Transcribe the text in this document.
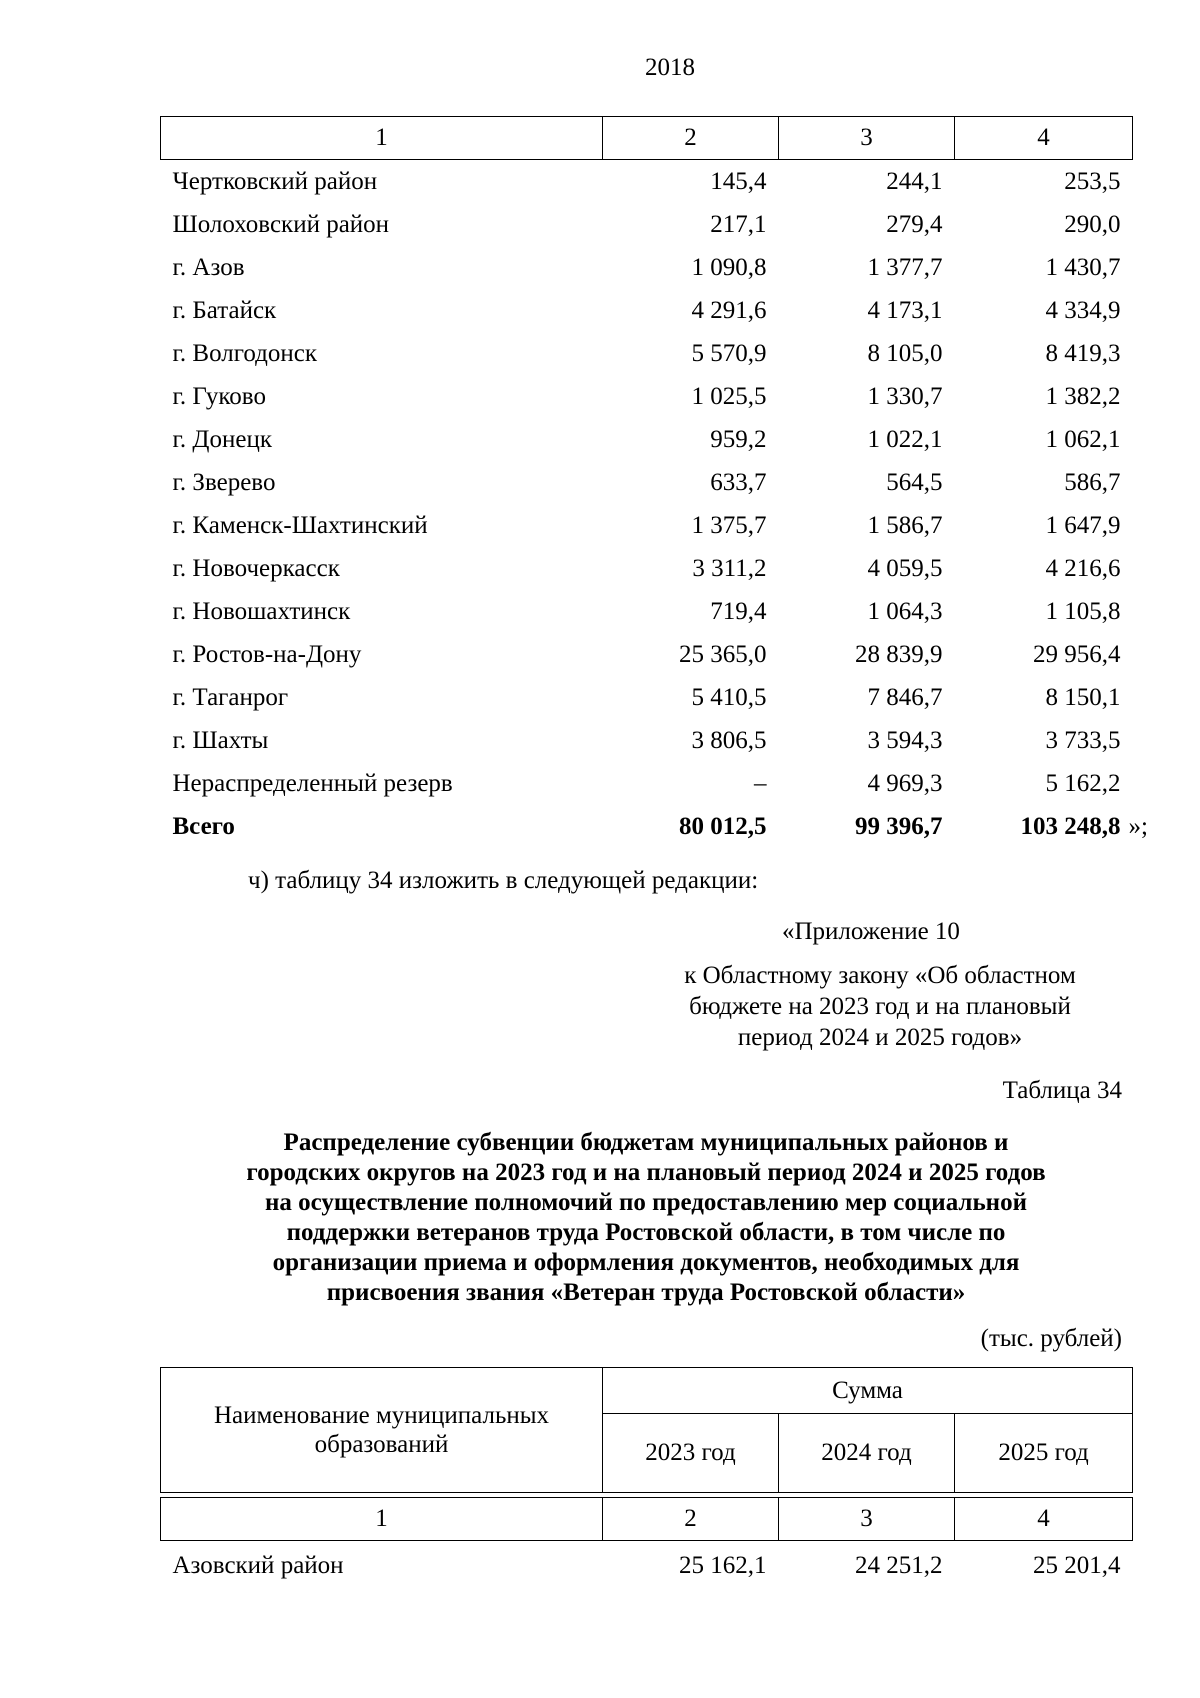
2018
1	2	3	4
Чертковский район	145,4	244,1	253,5
Шолоховский район	217,1	279,4	290,0
г. Азов	1 090,8	1 377,7	1 430,7
г. Батайск	4 291,6	4 173,1	4 334,9
г. Волгодонск	5 570,9	8 105,0	8 419,3
г. Гуково	1 025,5	1 330,7	1 382,2
г. Донецк	959,2	1 022,1	1 062,1
г. Зверево	633,7	564,5	586,7
г. Каменск-Шахтинский	1 375,7	1 586,7	1 647,9
г. Новочеркасск	3 311,2	4 059,5	4 216,6
г. Новошахтинск	719,4	1 064,3	1 105,8
г. Ростов-на-Дону	25 365,0	28 839,9	29 956,4
г. Таганрог	5 410,5	7 846,7	8 150,1
г. Шахты	3 806,5	3 594,3	3 733,5
Нераспределенный резерв	–	4 969,3	5 162,2
Всего	80 012,5	99 396,7	103 248,8 »;
ч) таблицу 34 изложить в следующей редакции:
«Приложение 10
к Областному закону «Об областном
бюджете на 2023 год и на плановый
период 2024 и 2025 годов»
Таблица 34
Распределение субвенции бюджетам муниципальных районов и
городских округов на 2023 год и на плановый период 2024 и 2025 годов
на осуществление полномочий по предоставлению мер социальной
поддержки ветеранов труда Ростовской области, в том числе по
организации приема и оформления документов, необходимых для
присвоения звания «Ветеран труда Ростовской области»
(тыс. рублей)
Наименование муниципальных
образований	Сумма		
	2023 год	2024 год	2025 год

1	2	3	4
Азовский район	25 162,1	24 251,2	25 201,4
